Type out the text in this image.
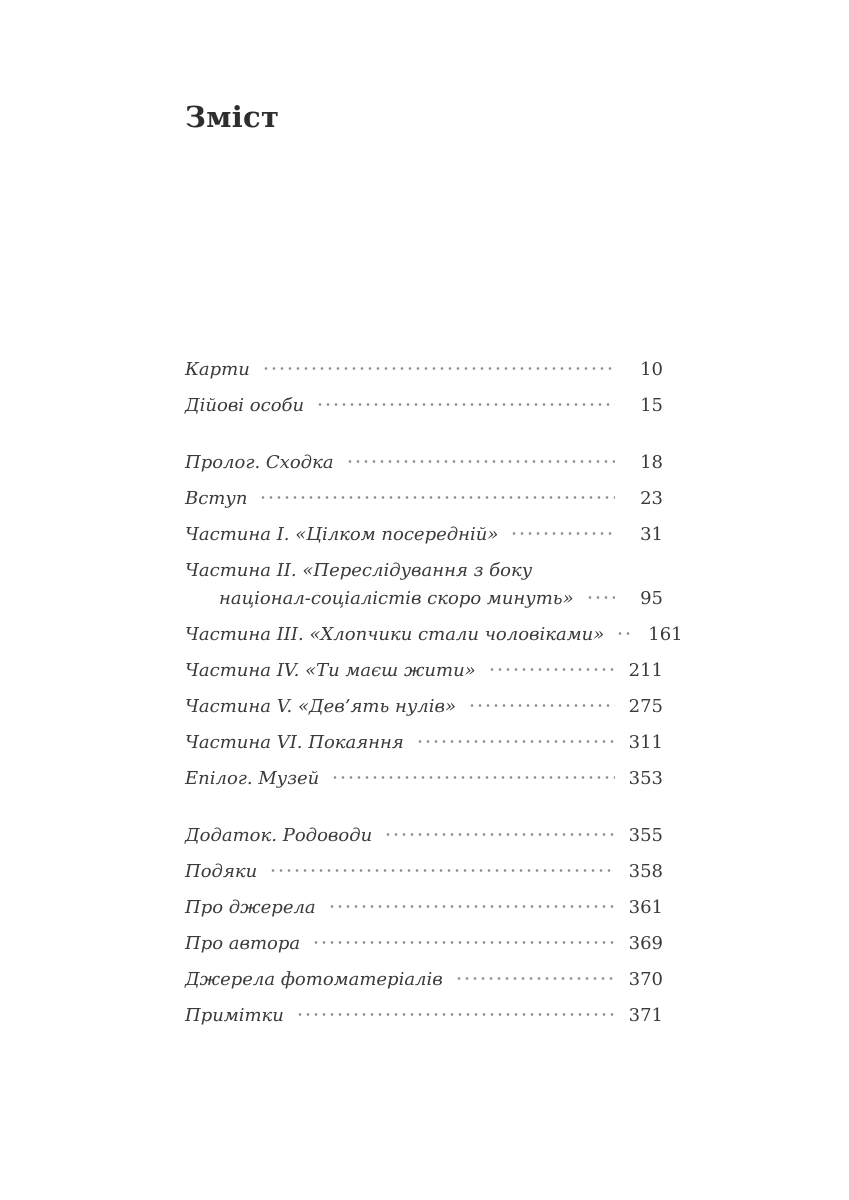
Зміст
Карти	10
Дійові особи	15
Пролог. Сходка	18
Вступ	23
Частина I. «Цілком посередній»	31
Частина II. «Переслідування з боку
націонал-соціалістів скоро минуть»	95
Частина III. «Хлопчики стали чоловіками» 161
Частина IV. «Ти маєш жити»	211
Частина V. «Дев’ять нулів»	275
Частина VI. Покаяння	311
Епілог. Музей	353
Додаток. Родоводи	355
Подяки	358
Про джерела	361
Про автора	369
Джерела фотоматеріалів	370
Примітки	371
